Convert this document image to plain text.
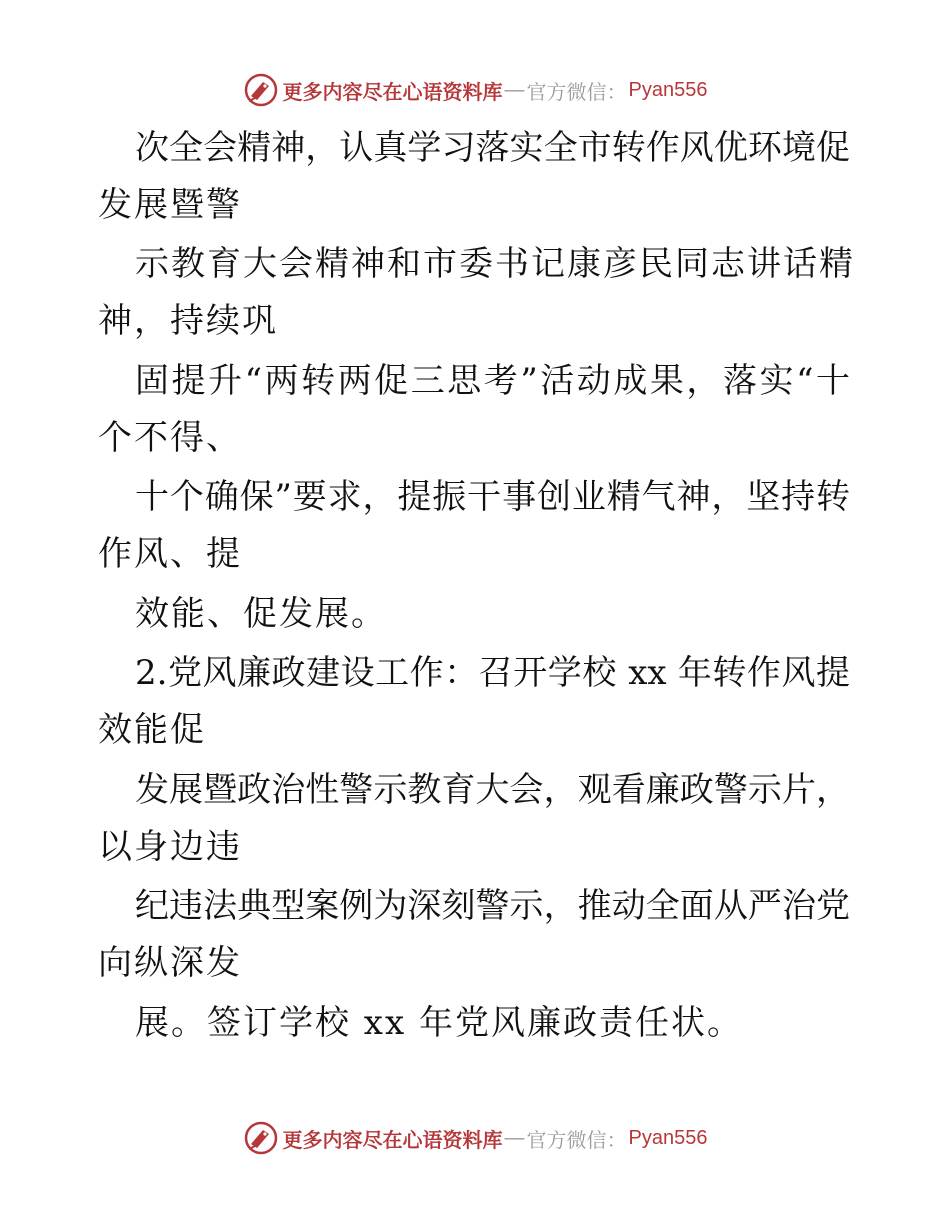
更多内容尽在心语资料库 — 官方微信： Pyan556
次全会精神，认真学习落实全市转作风优环境促
发展暨警
示教育大会精神和市委书记康彦民同志讲话精
神，持续巩
固提升“两转两促三思考”活动成果，落实“十
个不得、
十个确保”要求，提振干事创业精气神，坚持转
作风、提
效能、促发展。
2.党风廉政建设工作：召开学校 xx 年转作风提
效能促
发展暨政治性警示教育大会，观看廉政警示片，
以身边违
纪违法典型案例为深刻警示，推动全面从严治党
向纵深发
展。签订学校 xx 年党风廉政责任状。
更多内容尽在心语资料库 — 官方微信： Pyan556
